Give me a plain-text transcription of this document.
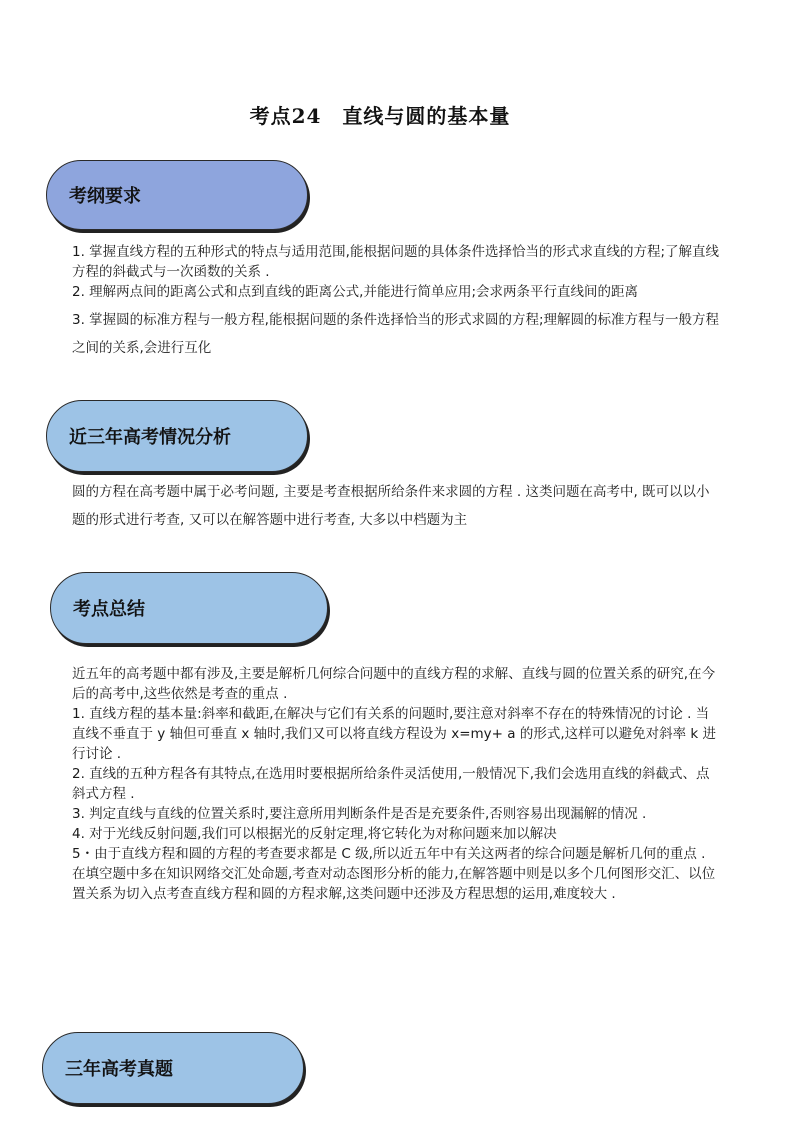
考点24　直线与圆的基本量
考纲要求

1. 掌握直线方程的五种形式的特点与适用范围,能根据问题的具体条件选择恰当的形式求直线的方程;了解直线方程的斜截式与一次函数的关系 .

2. 理解两点间的距离公式和点到直线的距离公式,并能进行简单应用;会求两条平行直线间的距离

3. 掌握圆的标准方程与一般方程,能根据问题的条件选择恰当的形式求圆的方程;理解圆的标准方程与一般方程之间的关系,会进行互化

近三年高考情况分析

圆的方程在高考题中属于必考问题, 主要是考查根据所给条件来求圆的方程 . 这类问题在高考中, 既可以以小题的形式进行考查, 又可以在解答题中进行考查, 大多以中档题为主

考点总结

近五年的高考题中都有涉及,主要是解析几何综合问题中的直线方程的求解、直线与圆的位置关系的研究,在今后的高考中,这些依然是考查的重点 .

1. 直线方程的基本量:斜率和截距,在解决与它们有关系的问题时,要注意对斜率不存在的特殊情况的讨论 . 当直线不垂直于 y 轴但可垂直 x 轴时,我们又可以将直线方程设为 x=my+ a 的形式,这样可以避免对斜率 k 进行讨论 .

2. 直线的五种方程各有其特点,在选用时要根据所给条件灵活使用,一般情况下,我们会选用直线的斜截式、点斜式方程 .

3. 判定直线与直线的位置关系时,要注意所用判断条件是否是充要条件,否则容易出现漏解的情况 .

4. 对于光线反射问题,我们可以根据光的反射定理,将它转化为对称问题来加以解决

5・由于直线方程和圆的方程的考查要求都是 C 级,所以近五年中有关这两者的综合问题是解析几何的重点 . 在填空题中多在知识网络交汇处命题,考查对动态图形分析的能力,在解答题中则是以多个几何图形交汇、以位置关系为切入点考查直线方程和圆的方程求解,这类问题中还涉及方程思想的运用,难度较大 .

三年高考真题
